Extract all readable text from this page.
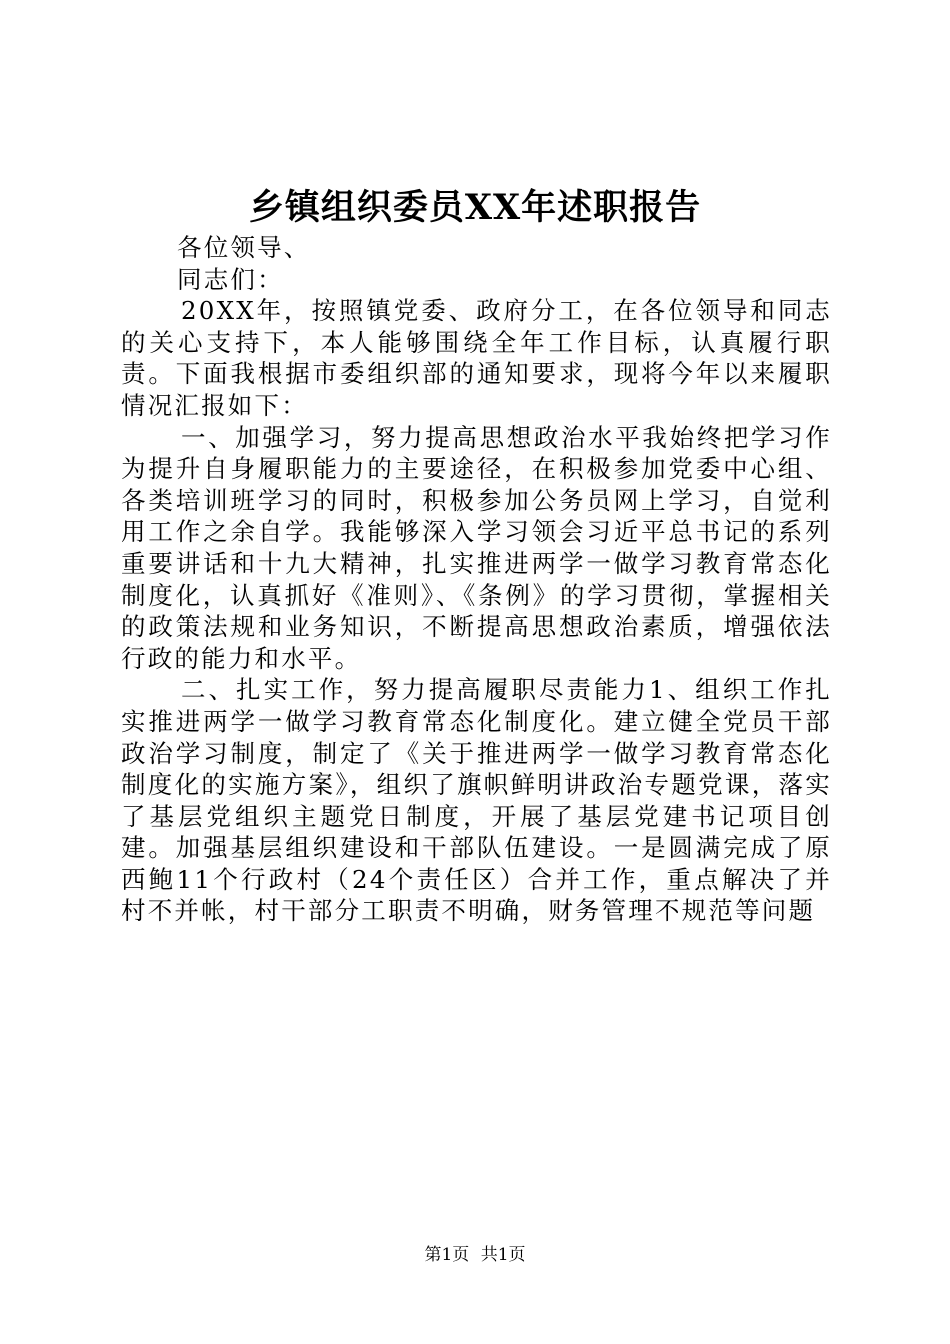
乡镇组织委员XX年述职报告

各位领导、

同志们：

20XX年，按照镇党委、政府分工，在各位领导和同志的关心支持下，本人能够围绕全年工作目标，认真履行职责。下面我根据市委组织部的通知要求，现将今年以来履职情况汇报如下：

一、加强学习，努力提高思想政治水平我始终把学习作为提升自身履职能力的主要途径，在积极参加党委中心组、各类培训班学习的同时，积极参加公务员网上学习，自觉利用工作之余自学。我能够深入学习领会习近平总书记的系列重要讲话和十九大精神，扎实推进两学一做学习教育常态化制度化，认真抓好《准则》、《条例》的学习贯彻，掌握相关的政策法规和业务知识，不断提高思想政治素质，增强依法行政的能力和水平。

二、扎实工作，努力提高履职尽责能力1、组织工作扎实推进两学一做学习教育常态化制度化。建立健全党员干部政治学习制度，制定了《关于推进两学一做学习教育常态化制度化的实施方案》，组织了旗帜鲜明讲政治专题党课，落实了基层党组织主题党日制度，开展了基层党建书记项目创建。加强基层组织建设和干部队伍建设。一是圆满完成了原西鲍11个行政村（24个责任区）合并工作，重点解决了并村不并帐，村干部分工职责不明确，财务管理不规范等问题

第1页 共1页
